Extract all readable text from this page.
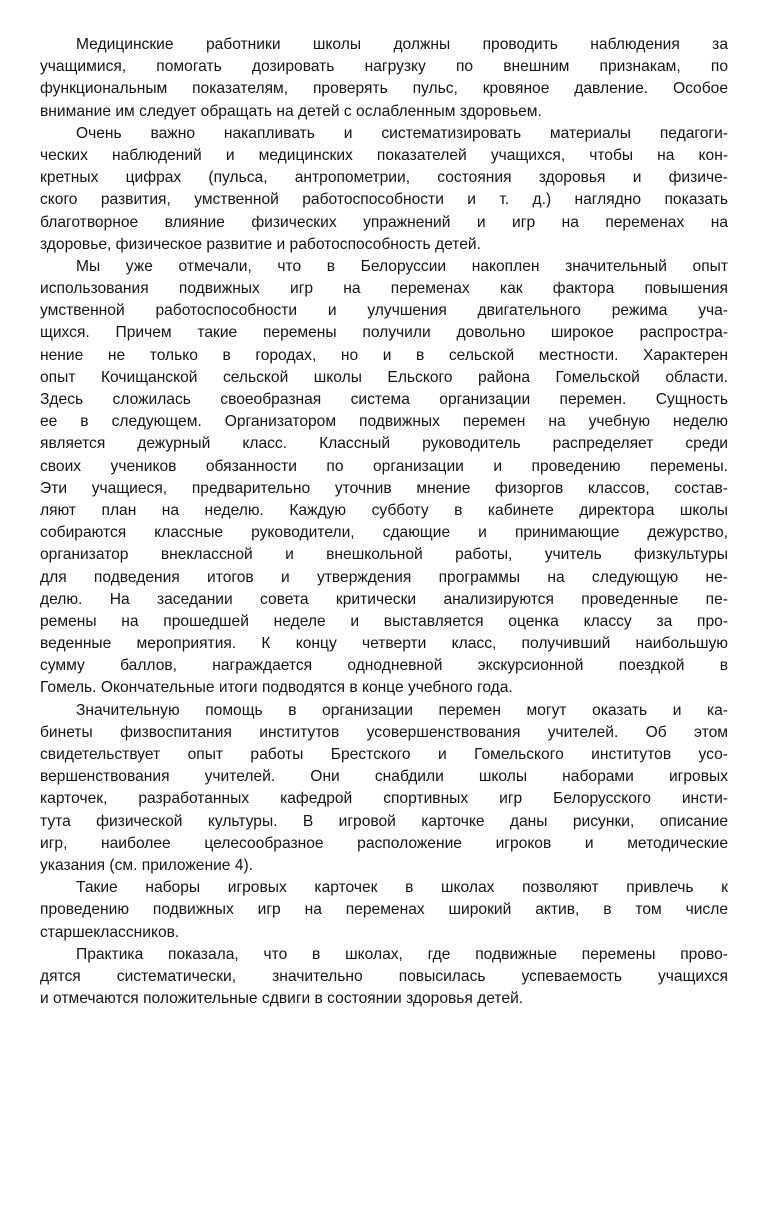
Медицинские работники школы должны проводить наблюдения за
учащимися, помогать дозировать нагрузку по внешним признакам, по
функциональным показателям, проверять пульс, кровяное давление. Особое
внимание им следует обращать на детей с ослабленным здоровьем.
Очень важно накапливать и систематизировать материалы педагоги-
ческих наблюдений и медицинских показателей учащихся, чтобы на кон-
кретных цифрах (пульса, антропометрии, состояния здоровья и физиче-
ского развития, умственной работоспособности и т. д.) наглядно показать
благотворное влияние физических упражнений и игр на переменах на
здоровье, физическое развитие и работоспособность детей.
Мы уже отмечали, что в Белоруссии накоплен значительный опыт
использования подвижных игр на переменах как фактора повышения
умственной работоспособности и улучшения двигательного режима уча-
щихся. Причем такие перемены получили довольно широкое распростра-
нение не только в городах, но и в сельской местности. Характерен
опыт Кочищанской сельской школы Ельского района Гомельской области.
Здесь сложилась своеобразная система организации перемен. Сущность
ее в следующем. Организатором подвижных перемен на учебную неделю
является дежурный класс. Классный руководитель распределяет среди
своих учеников обязанности по организации и проведению перемены.
Эти учащиеся, предварительно уточнив мнение физоргов классов, состав-
ляют план на неделю. Каждую субботу в кабинете директора школы
собираются классные руководители, сдающие и принимающие дежурство,
организатор внеклассной и внешкольной работы, учитель физкультуры
для подведения итогов и утверждения программы на следующую не-
делю. На заседании совета критически анализируются проведенные пе-
ремены на прошедшей неделе и выставляется оценка классу за про-
веденные мероприятия. К концу четверти класс, получивший наибольшую
сумму баллов, награждается однодневной экскурсионной поездкой в
Гомель. Окончательные итоги подводятся в конце учебного года.
Значительную помощь в организации перемен могут оказать и ка-
бинеты физвоспитания институтов усовершенствования учителей. Об этом
свидетельствует опыт работы Брестского и Гомельского институтов усо-
вершенствования учителей. Они снабдили школы наборами игровых
карточек, разработанных кафедрой спортивных игр Белорусского инсти-
тута физической культуры. В игровой карточке даны рисунки, описание
игр, наиболее целесообразное расположение игроков и методические
указания (см. приложение 4).
Такие наборы игровых карточек в школах позволяют привлечь к
проведению подвижных игр на переменах широкий актив, в том числе
старшеклассников.
Практика показала, что в школах, где подвижные перемены прово-
дятся систематически, значительно повысилась успеваемость учащихся
и отмечаются положительные сдвиги в состоянии здоровья детей.
